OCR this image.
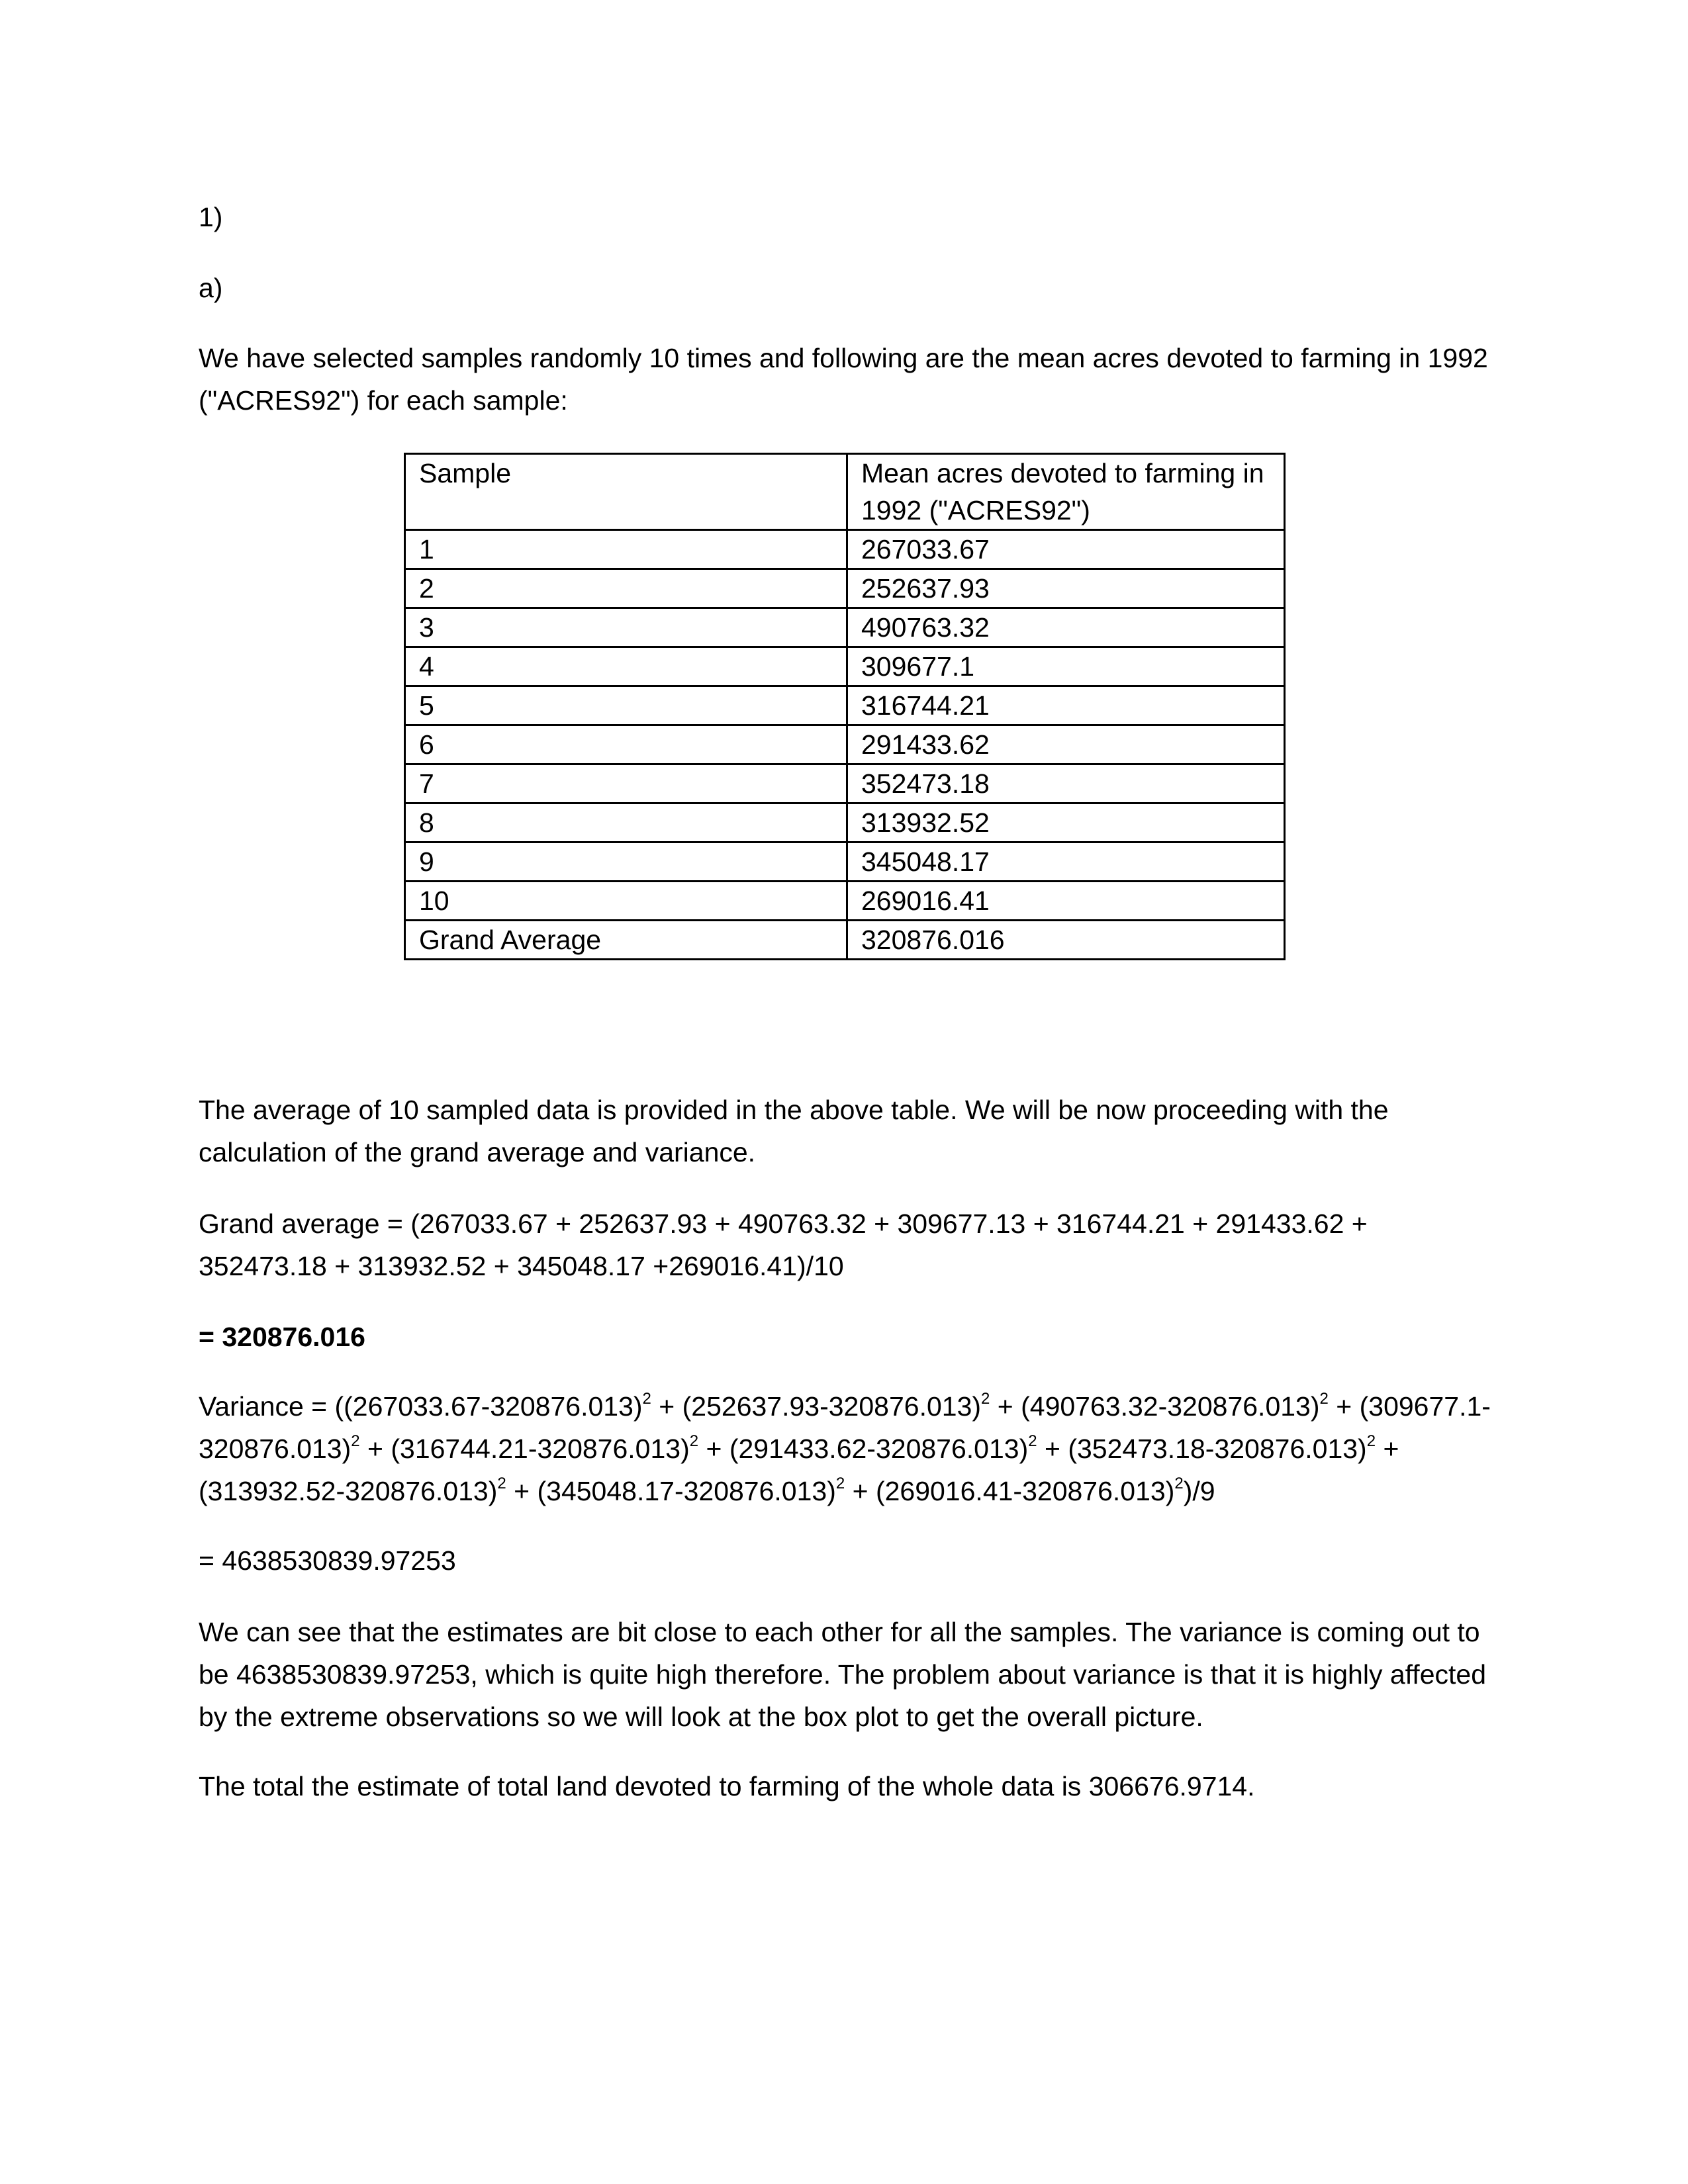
1)
a)
We have selected samples randomly 10 times and following are the mean acres devoted to farming in 1992 ("ACRES92") for each sample:
Sample	Mean acres devoted to farming in 1992 ("ACRES92")
1	267033.67
2	252637.93
3	490763.32
4	309677.1
5	316744.21
6	291433.62
7	352473.18
8	313932.52
9	345048.17
10	269016.41
Grand Average	320876.016
The average of 10 sampled data is provided in the above table. We will be now proceeding with the calculation of the grand average and variance.
Grand average = (267033.67 + 252637.93 + 490763.32 + 309677.13 + 316744.21 + 291433.62 + 352473.18 + 313932.52 + 345048.17 +269016.41)/10
= 320876.016
Variance = $((267033.67-320876.013)^2 + (252637.93-320876.013)^2 + (490763.32-320876.013)^2 + (309677.1-320876.013)^2 + (316744.21-320876.013)^2 + (291433.62-320876.013)^2 + (352473.18-320876.013)^2 + (313932.52-320876.013)^2 + (345048.17-320876.013)^2 + (269016.41-320876.013)^2)/9$
= 4638530839.97253
We can see that the estimates are bit close to each other for all the samples. The variance is coming out to be 4638530839.97253, which is quite high therefore. The problem about variance is that it is highly affected by the extreme observations so we will look at the box plot to get the overall picture.
The total the estimate of total land devoted to farming of the whole data is 306676.9714.
